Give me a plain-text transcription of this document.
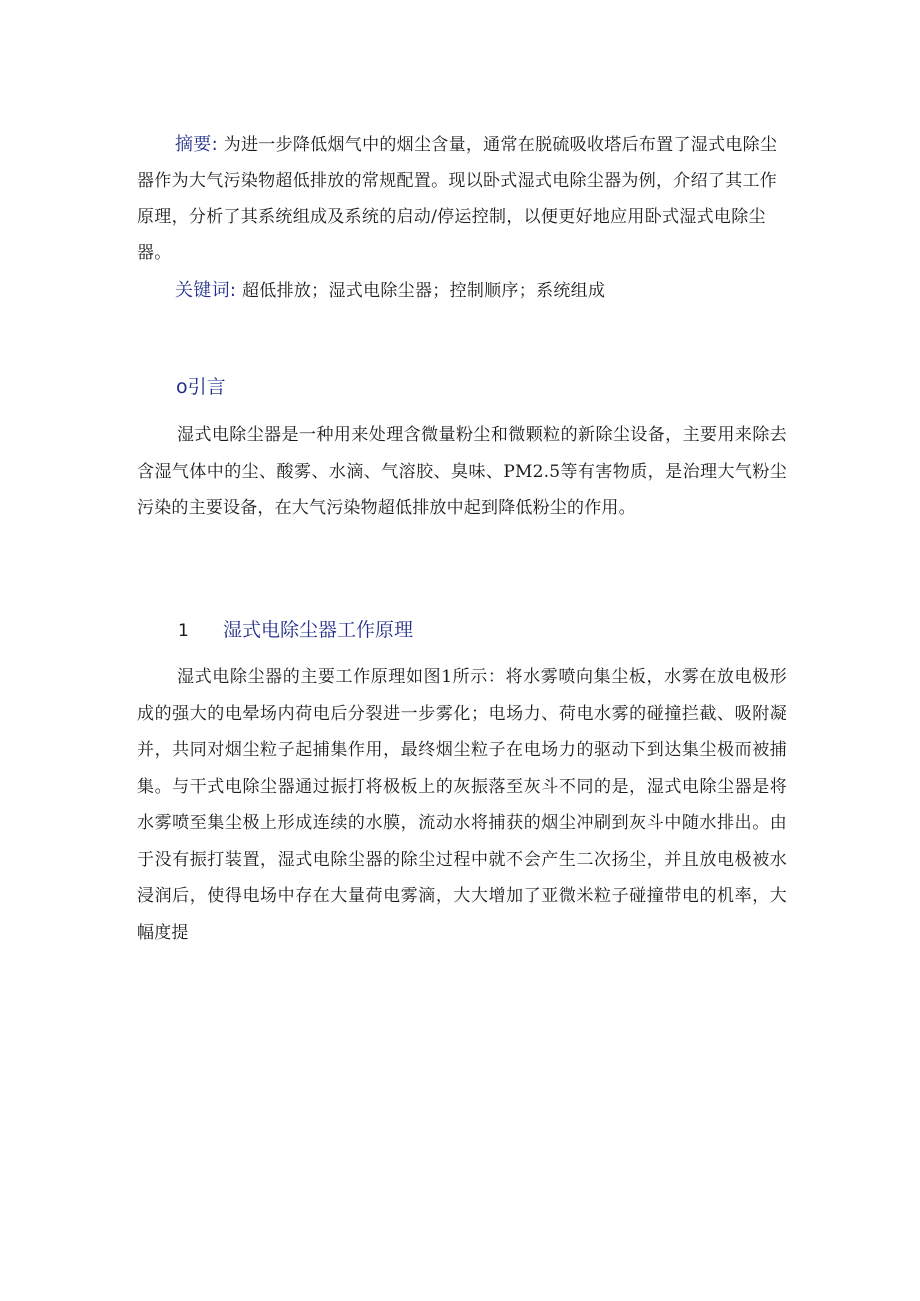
摘要: 为进一步降低烟气中的烟尘含量，通常在脱硫吸收塔后布置了湿式电除尘器作为大气污染物超低排放的常规配置。现以卧式湿式电除尘器为例，介绍了其工作原理，分析了其系统组成及系统的启动/停运控制，以便更好地应用卧式湿式电除尘器。
关键词: 超低排放；湿式电除尘器；控制顺序；系统组成
o引言
湿式电除尘器是一种用来处理含微量粉尘和微颗粒的新除尘设备，主要用来除去含湿气体中的尘、酸雾、水滴、气溶胶、臭味、PM2.5等有害物质，是治理大气粉尘污染的主要设备，在大气污染物超低排放中起到降低粉尘的作用。
1 湿式电除尘器工作原理
湿式电除尘器的主要工作原理如图1所示：将水雾喷向集尘板，水雾在放电极形成的强大的电晕场内荷电后分裂进一步雾化；电场力、荷电水雾的碰撞拦截、吸附凝并，共同对烟尘粒子起捕集作用，最终烟尘粒子在电场力的驱动下到达集尘极而被捕集。与干式电除尘器通过振打将极板上的灰振落至灰斗不同的是，湿式电除尘器是将水雾喷至集尘极上形成连续的水膜，流动水将捕获的烟尘冲刷到灰斗中随水排出。由于没有振打装置，湿式电除尘器的除尘过程中就不会产生二次扬尘，并且放电极被水浸润后，使得电场中存在大量荷电雾滴，大大增加了亚微米粒子碰撞带电的机率，大幅度提
